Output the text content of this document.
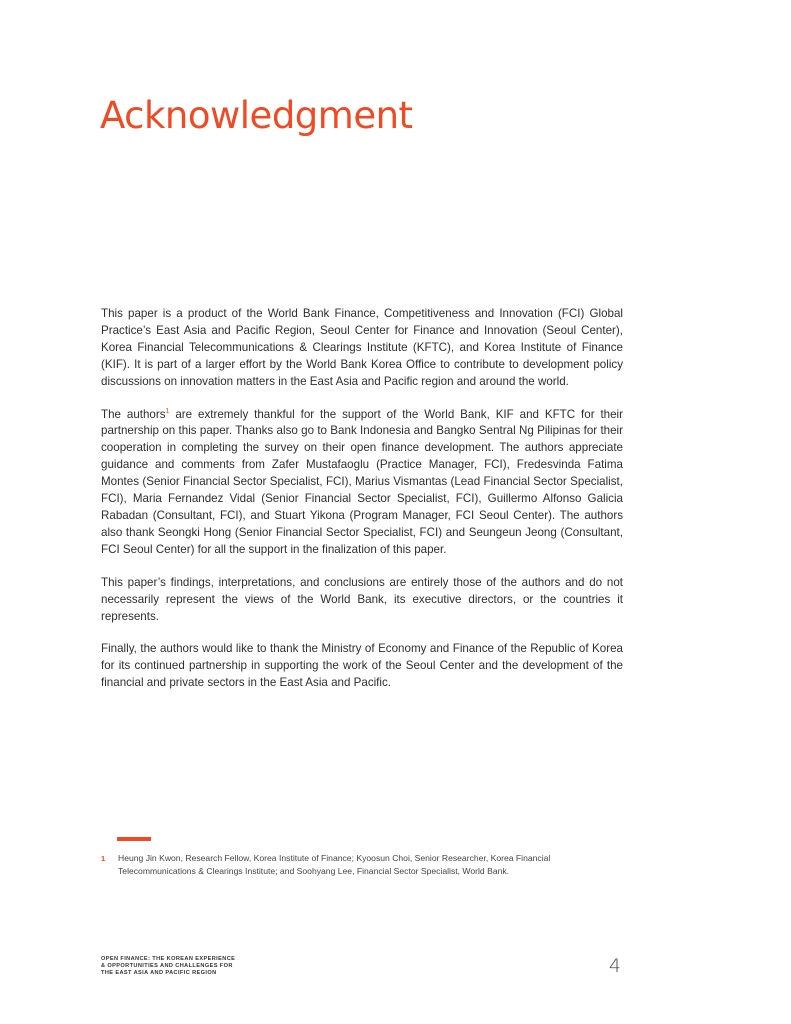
Acknowledgment

This paper is a product of the World Bank Finance, Competitiveness and Innovation (FCI) Global Practice’s East Asia and Pacific Region, Seoul Center for Finance and Innovation (Seoul Center), Korea Financial Telecommunications & Clearings Institute (KFTC), and Korea Institute of Finance (KIF). It is part of a larger effort by the World Bank Korea Office to contribute to development policy discussions on innovation matters in the East Asia and Pacific region and around the world.

The authors$^1$ are extremely thankful for the support of the World Bank, KIF and KFTC for their partnership on this paper. Thanks also go to Bank Indonesia and Bangko Sentral Ng Pilipinas for their cooperation in completing the survey on their open finance development. The authors appreciate guidance and comments from Zafer Mustafaoglu (Practice Manager, FCI), Fredesvinda Fatima Montes (Senior Financial Sector Specialist, FCI), Marius Vismantas (Lead Financial Sector Specialist, FCI), Maria Fernandez Vidal (Senior Financial Sector Specialist, FCI), Guillermo Alfonso Galicia Rabadan (Consultant, FCI), and Stuart Yikona (Program Manager, FCI Seoul Center). The authors also thank Seongki Hong (Senior Financial Sector Specialist, FCI) and Seungeun Jeong (Consultant, FCI Seoul Center) for all the support in the finalization of this paper.

This paper’s findings, interpretations, and conclusions are entirely those of the authors and do not necessarily represent the views of the World Bank, its executive directors, or the countries it represents.

Finally, the authors would like to thank the Ministry of Economy and Finance of the Republic of Korea for its continued partnership in supporting the work of the Seoul Center and the development of the financial and private sectors in the East Asia and Pacific.

1 Heung Jin Kwon, Research Fellow, Korea Institute of Finance; Kyoosun Choi, Senior Researcher, Korea Financial Telecommunications & Clearings Institute; and Soohyang Lee, Financial Sector Specialist, World Bank.
OPEN FINANCE: THE KOREAN EXPERIENCE
& OPPORTUNITIES AND CHALLENGES FOR
THE EAST ASIA AND PACIFIC REGION	4
